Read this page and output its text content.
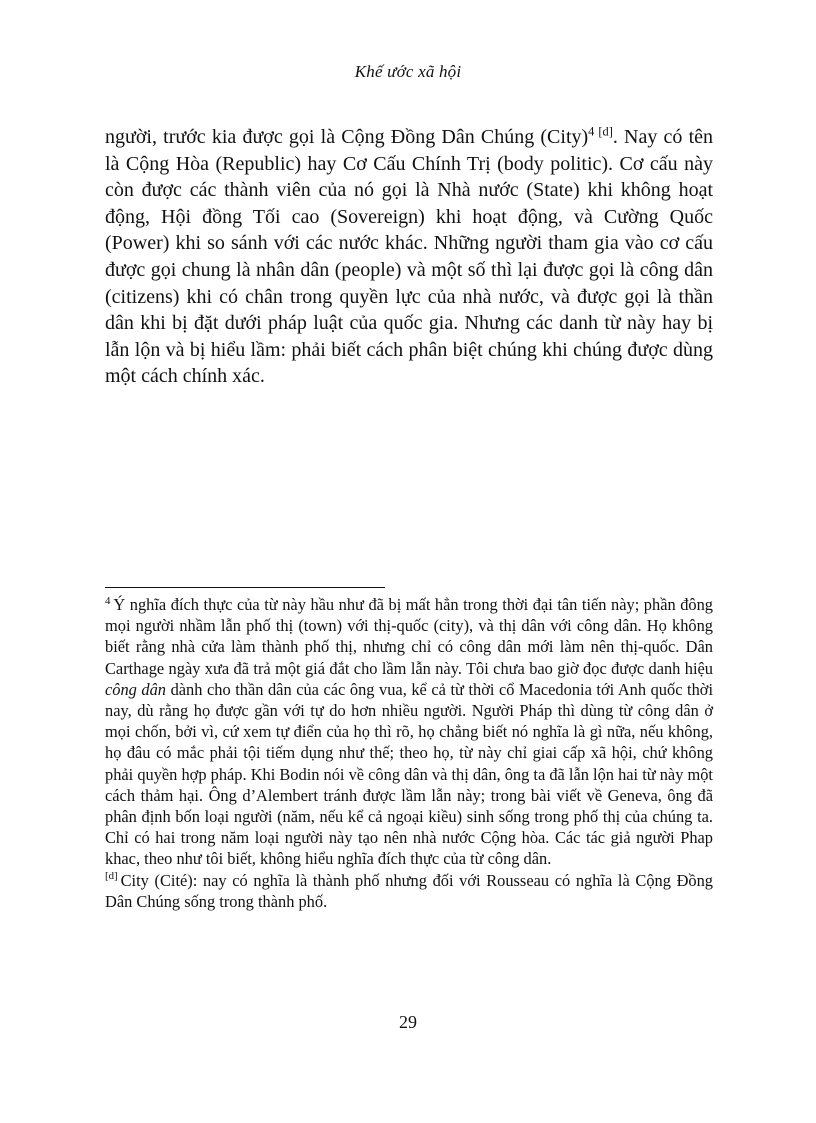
Khế ước xã hội

người, trước kia được gọi là Cộng Đồng Dân Chúng (City)$^4$  [d]. Nay có tên là Cộng Hòa (Republic) hay Cơ Cấu Chính Trị (body politic). Cơ cấu này còn được các thành viên của nó gọi là Nhà nước (State) khi không hoạt động, Hội đồng Tối cao (Sovereign) khi hoạt động, và Cường Quốc (Power) khi so sánh với các nước khác. Những người tham gia vào cơ cấu được gọi chung là nhân dân (people) và một số thì lại được gọi là công dân (citizens) khi có chân trong quyền lực của nhà nước, và được gọi là thần dân khi bị đặt dưới pháp luật của quốc gia. Nhưng các danh từ này hay bị lẫn lộn và bị hiểu lầm: phải biết cách phân biệt chúng khi chúng được dùng một cách chính xác.

$^4$ Ý nghĩa đích thực của từ này hầu như đã bị mất hẳn trong thời đại tân tiến này; phần đông mọi người nhầm lẫn phố thị (town) với thị-quốc (city), và thị dân với công dân. Họ không biết rằng nhà cửa làm thành phố thị, nhưng chỉ có công dân mới làm nên thị-quốc. Dân Carthage ngày xưa đã trả một giá đắt cho lầm lẫn này. Tôi chưa bao giờ đọc được danh hiệu công dân dành cho thần dân của các ông vua, kể cả từ thời cổ Macedonia tới Anh quốc thời nay, dù rằng họ được gần với tự do hơn nhiều người. Người Pháp thì dùng từ công dân ở mọi chốn, bởi vì, cứ xem tự điển của họ thì rõ, họ chẳng biết nó nghĩa là gì nữa, nếu không, họ đâu có mắc phải tội tiếm dụng như thế; theo họ, từ này chỉ giai cấp xã hội, chứ không phải quyền hợp pháp. Khi Bodin nói về công dân và thị dân, ông ta đã lẫn lộn hai từ này một cách thảm hại. Ông d’Alembert tránh được lầm lẫn này; trong bài viết về Geneva, ông đã phân định bốn loại người (năm, nếu kể cả ngoại kiều) sinh sống trong phố thị của chúng ta. Chỉ có hai trong năm loại người này tạo nên nhà nước Cộng hòa. Các tác giả người Phap khac, theo như tôi biết, không hiểu nghĩa đích thực của từ công dân.

[d] City (Cité): nay có nghĩa là thành phố nhưng đối với Rousseau có nghĩa là Cộng Đồng Dân Chúng sống trong thành phố.

29
